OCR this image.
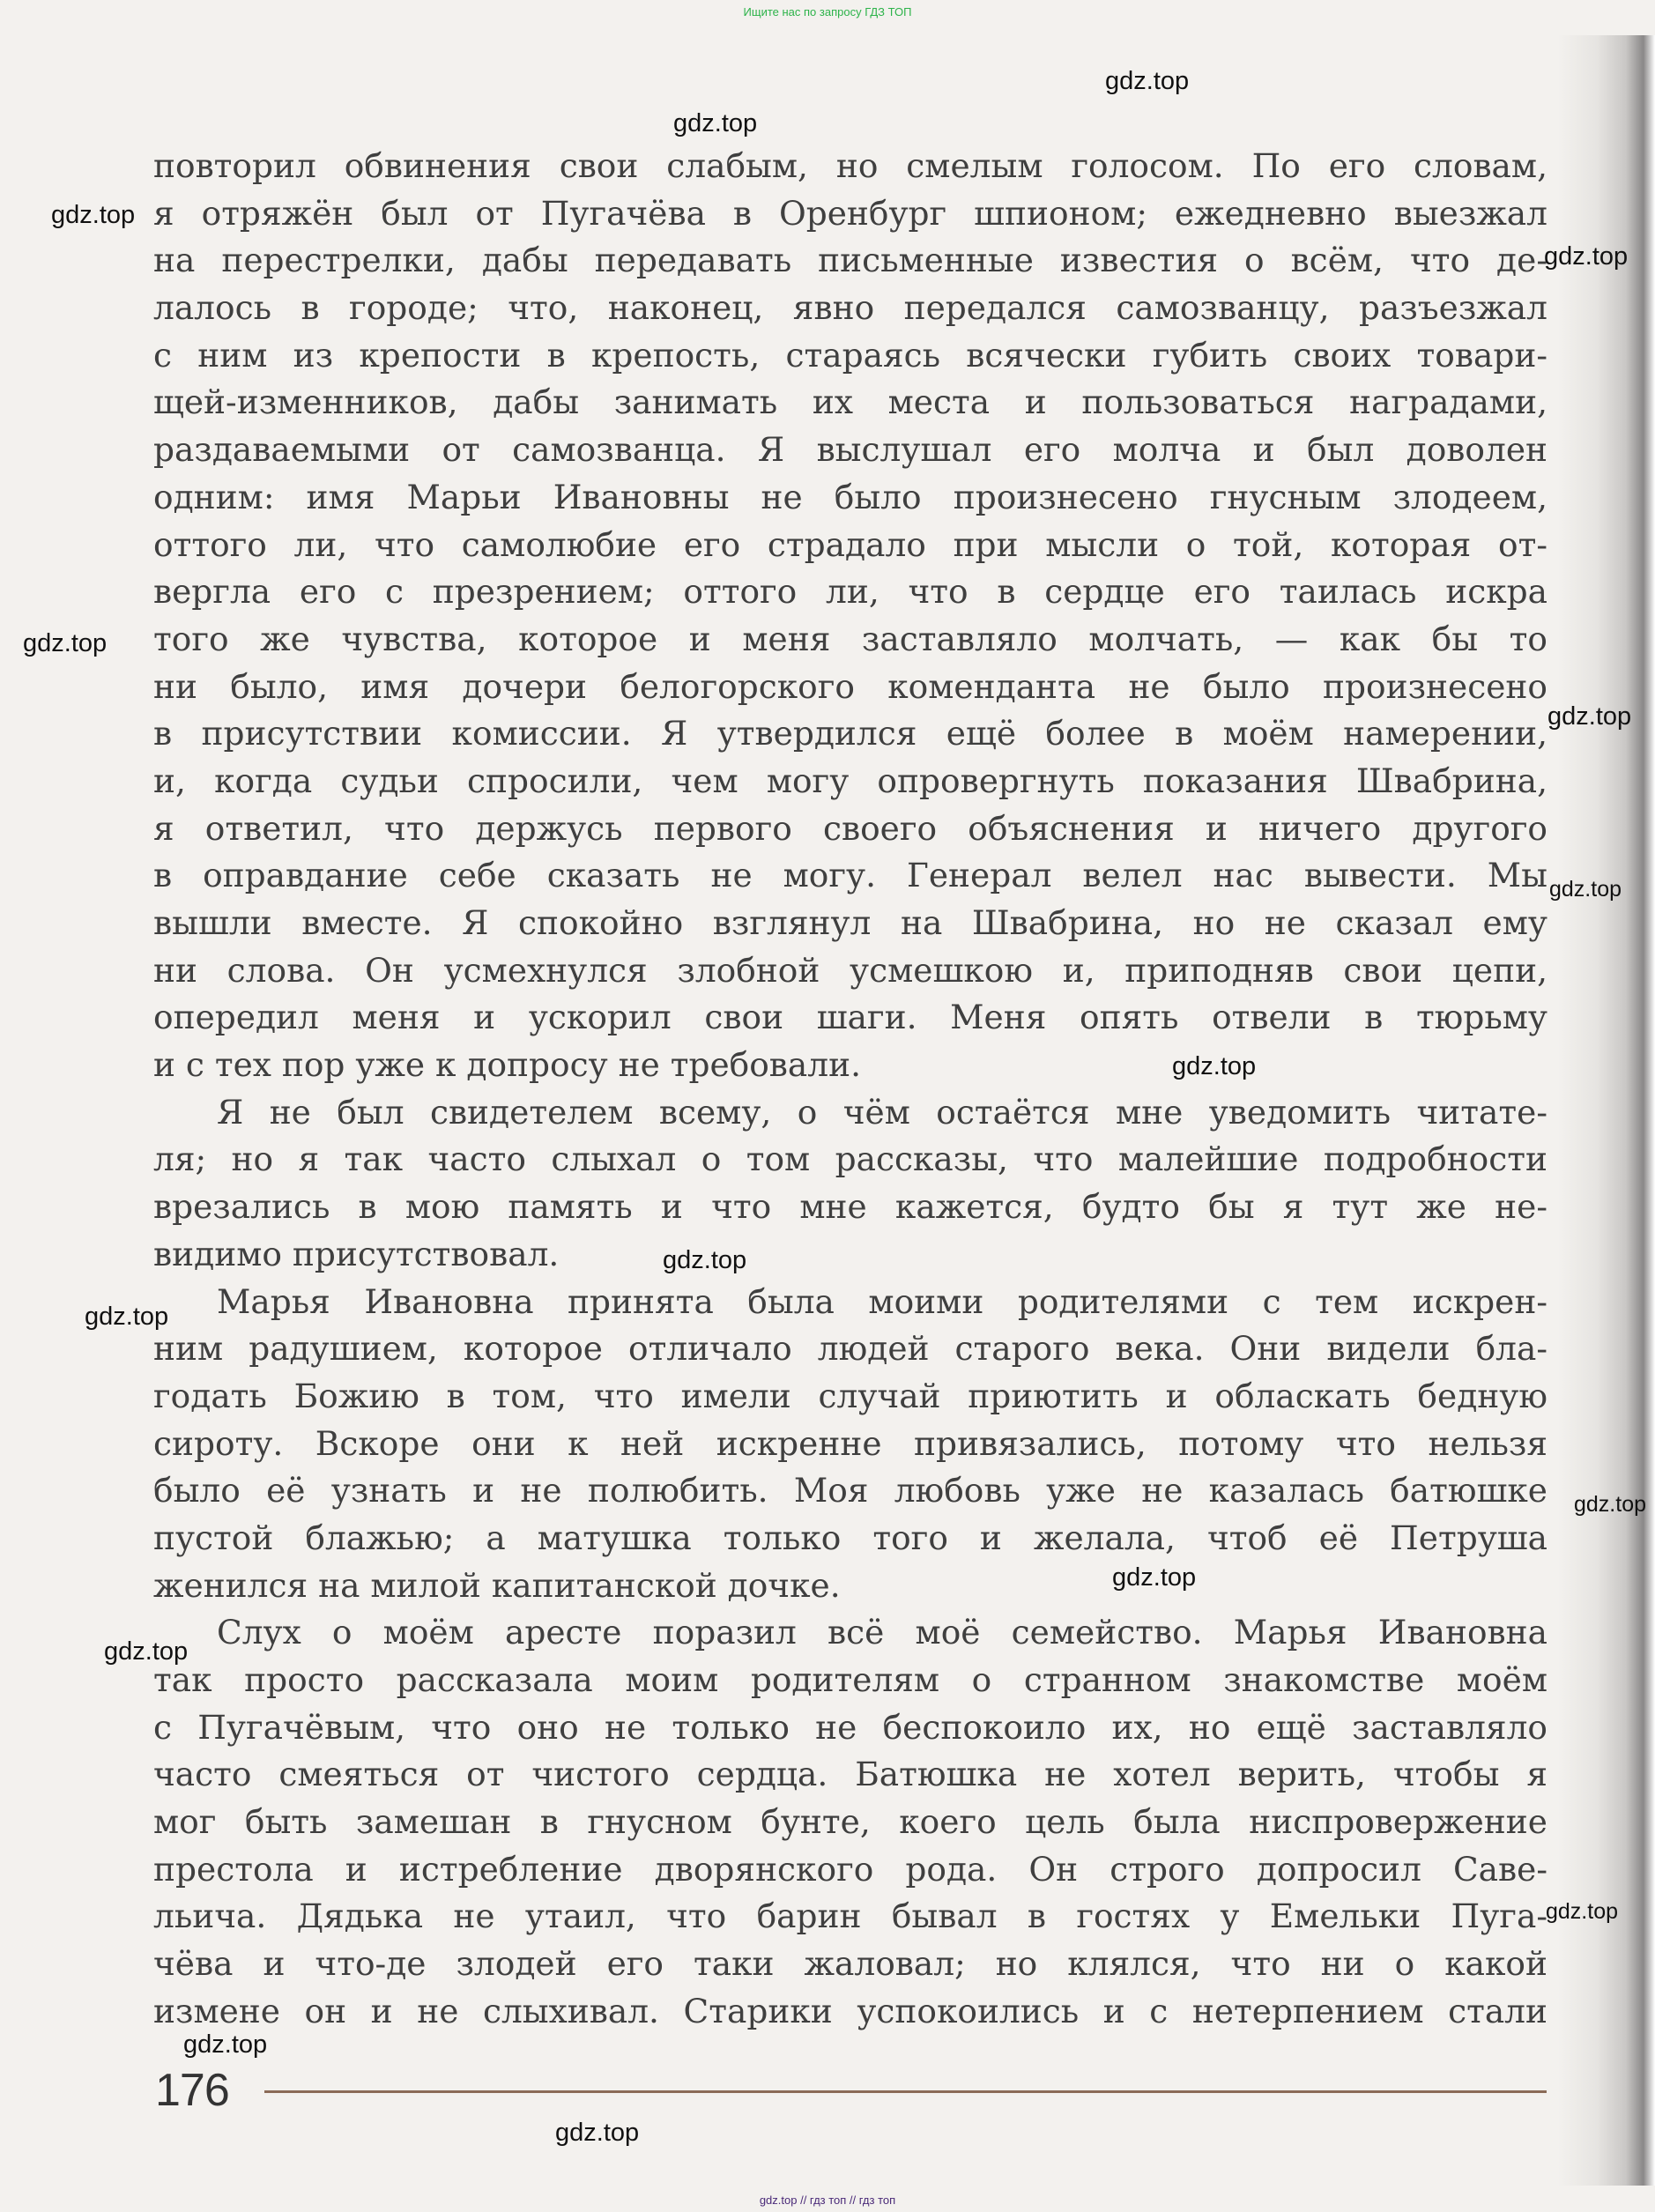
Ищите нас по запросу ГДЗ ТОП
повторил обвинения свои слабым, но смелым голосом. По его словам,
я отряжён был от Пугачёва в Оренбург шпионом; ежедневно выезжал
на перестрелки, дабы передавать письменные известия о всём, что де-
лалось в городе; что, наконец, явно передался самозванцу, разъезжал
с ним из крепости в крепость, стараясь всячески губить своих товари-
щей-изменников, дабы занимать их места и пользоваться наградами,
раздаваемыми от самозванца. Я выслушал его молча и был доволен
одним: имя Марьи Ивановны не было произнесено гнусным злодеем,
оттого ли, что самолюбие его страдало при мысли о той, которая от-
вергла его с презрением; оттого ли, что в сердце его таилась искра
того же чувства, которое и меня заставляло молчать, — как бы то
ни было, имя дочери белогорского коменданта не было произнесено
в присутствии комиссии. Я утвердился ещё более в моём намерении,
и, когда судьи спросили, чем могу опровергнуть показания Швабрина,
я ответил, что держусь первого своего объяснения и ничего другого
в оправдание себе сказать не могу. Генерал велел нас вывести. Мы
вышли вместе. Я спокойно взглянул на Швабрина, но не сказал ему
ни слова. Он усмехнулся злобной усмешкою и, приподняв свои цепи,
опередил меня и ускорил свои шаги. Меня опять отвели в тюрьму
и с тех пор уже к допросу не требовали.
Я не был свидетелем всему, о чём остаётся мне уведомить читате-
ля; но я так часто слыхал о том рассказы, что малейшие подробности
врезались в мою память и что мне кажется, будто бы я тут же не-
видимо присутствовал.
Марья Ивановна принята была моими родителями с тем искрен-
ним радушием, которое отличало людей старого века. Они видели бла-
годать Божию в том, что имели случай приютить и обласкать бедную
сироту. Вскоре они к ней искренне привязались, потому что нельзя
было её узнать и не полюбить. Моя любовь уже не казалась батюшке
пустой блажью; а матушка только того и желала, чтоб её Петруша
женился на милой капитанской дочке.
Слух о моём аресте поразил всё моё семейство. Марья Ивановна
так просто рассказала моим родителям о странном знакомстве моём
с Пугачёвым, что оно не только не беспокоило их, но ещё заставляло
часто смеяться от чистого сердца. Батюшка не хотел верить, чтобы я
мог быть замешан в гнусном бунте, коего цель была ниспровержение
престола и истребление дворянского рода. Он строго допросил Саве-
льича. Дядька не утаил, что барин бывал в гостях у Емельки Пуга-
чёва и что-де злодей его таки жаловал; но клялся, что ни о какой
измене он и не слыхивал. Старики успокоились и с нетерпением стали
176
gdz.top
gdz.top
gdz.top
gdz.top
gdz.top
gdz.top
gdz.top
gdz.top
gdz.top
gdz.top
gdz.top
gdz.top
gdz.top
gdz.top
gdz.top
gdz.top
gdz.top // гдз топ // гдз топ
